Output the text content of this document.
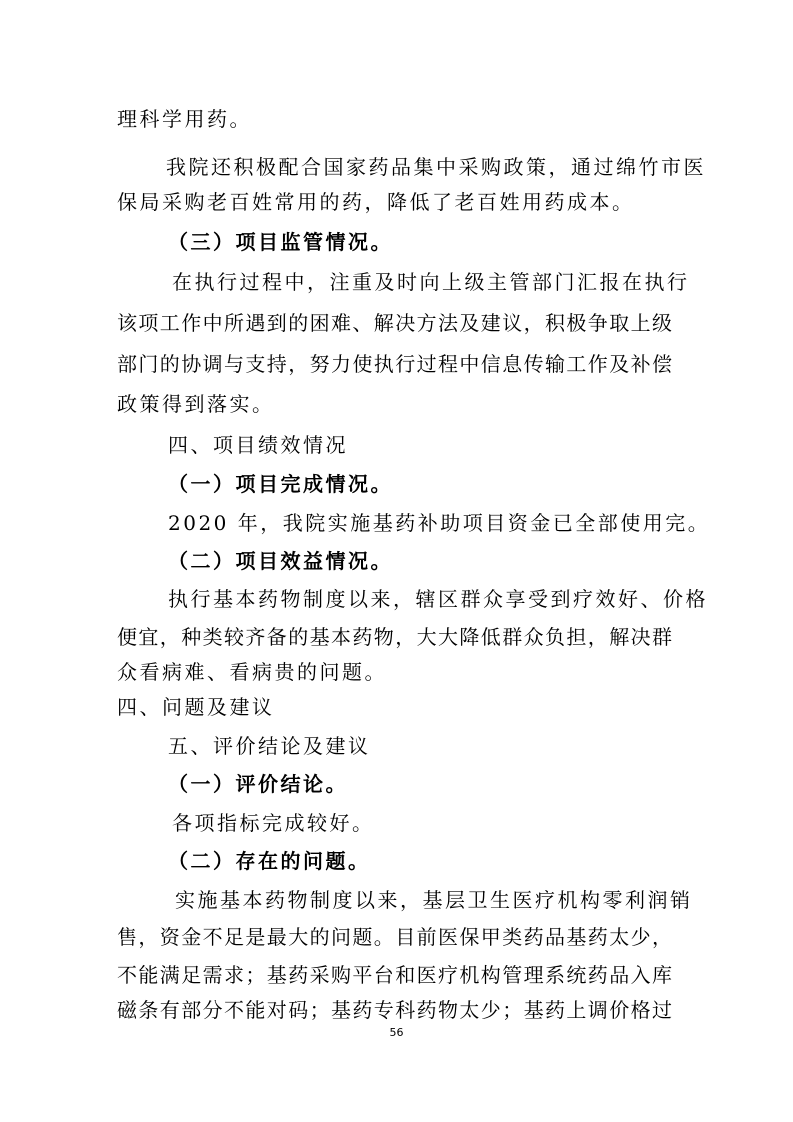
理科学用药。
我院还积极配合国家药品集中采购政策，通过绵竹市医
保局采购老百姓常用的药，降低了老百姓用药成本。
（三）项目监管情况。
在执行过程中，注重及时向上级主管部门汇报在执行
该项工作中所遇到的困难、解决方法及建议，积极争取上级
部门的协调与支持，努力使执行过程中信息传输工作及补偿
政策得到落实。
四、项目绩效情况
（一）项目完成情况。
2020 年，我院实施基药补助项目资金已全部使用完。
（二）项目效益情况。
执行基本药物制度以来，辖区群众享受到疗效好、价格
便宜，种类较齐备的基本药物，大大降低群众负担，解决群
众看病难、看病贵的问题。
四、问题及建议
五、评价结论及建议
（一）评价结论。
各项指标完成较好。
（二）存在的问题。
实施基本药物制度以来，基层卫生医疗机构零利润销
售，资金不足是最大的问题。目前医保甲类药品基药太少，
不能满足需求；基药采购平台和医疗机构管理系统药品入库
磁条有部分不能对码；基药专科药物太少；基药上调价格过
56
